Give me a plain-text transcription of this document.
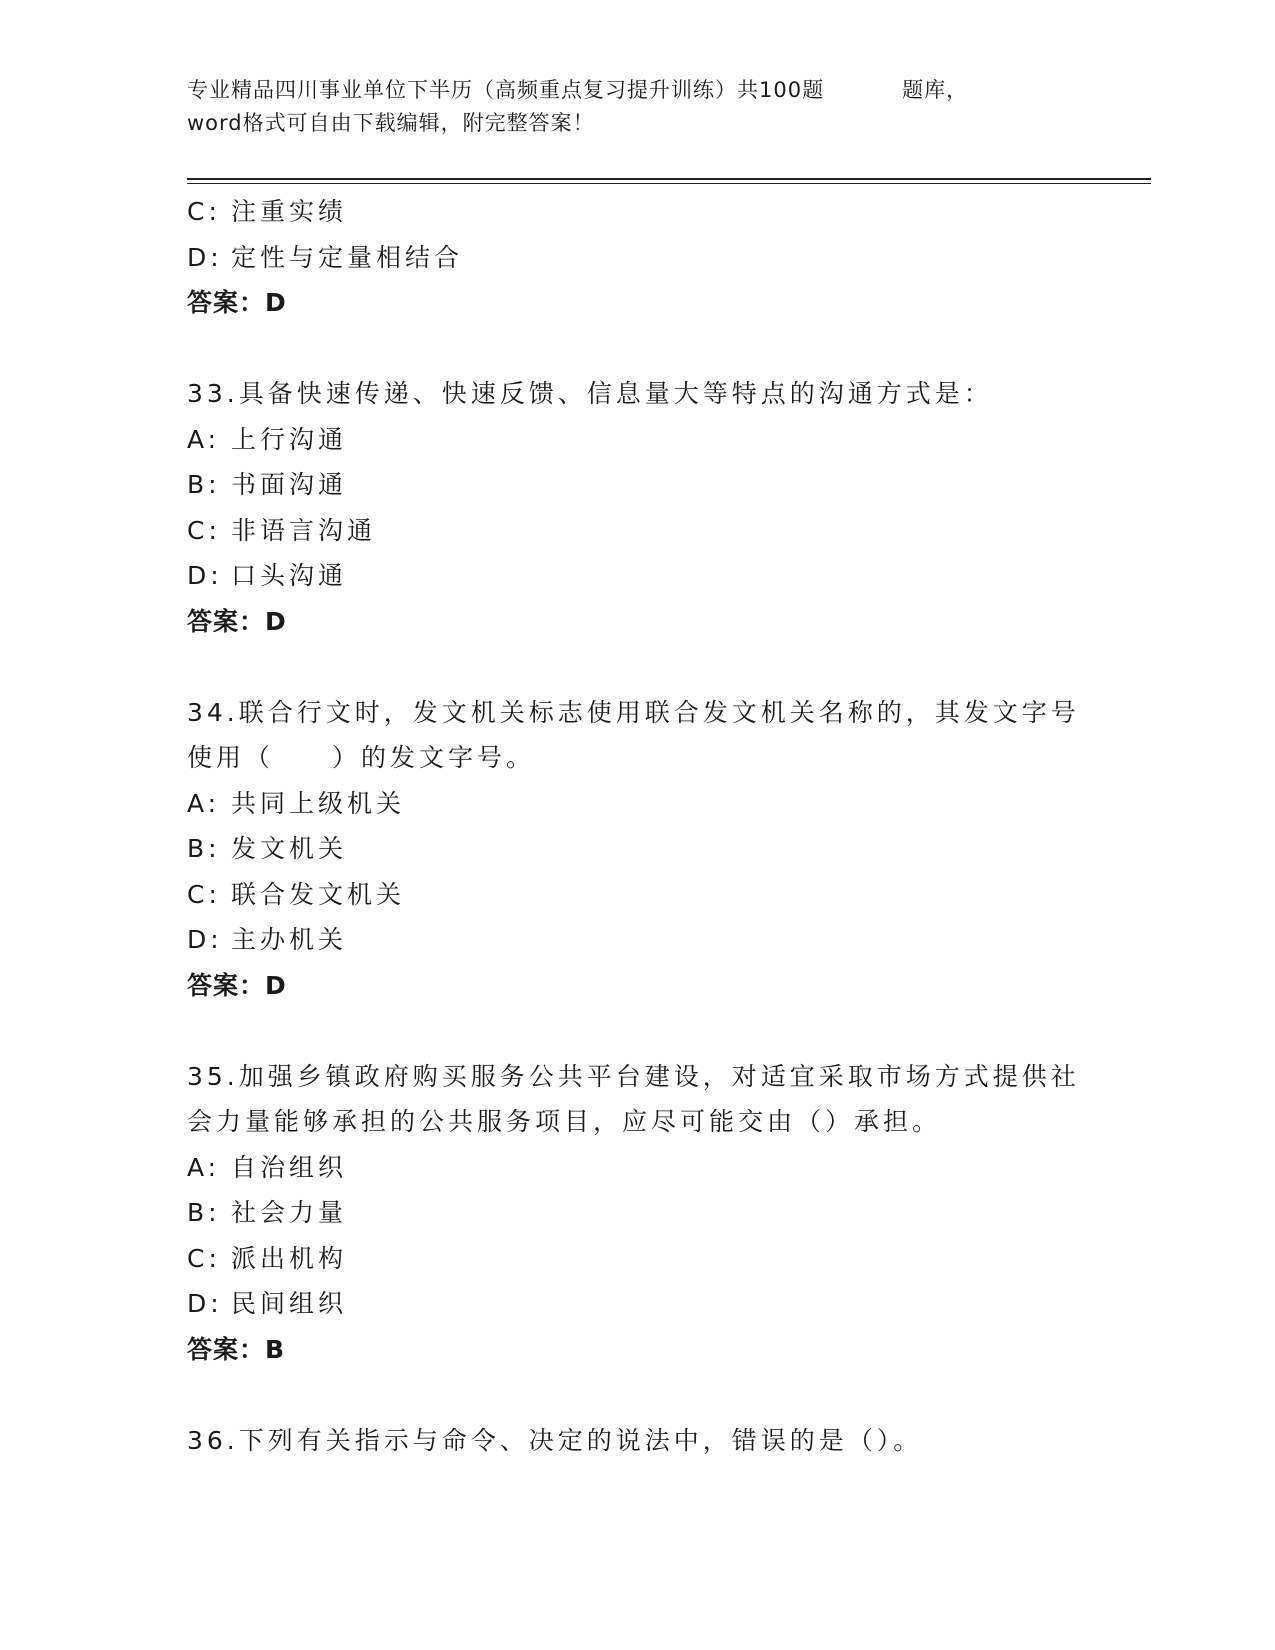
专业精品四川事业单位下半历（高频重点复习提升训练）共100题	题库，
word格式可自由下载编辑，附完整答案！
C: 注重实绩
D: 定性与定量相结合
答案：D
33.具备快速传递、快速反馈、信息量大等特点的沟通方式是：
A: 上行沟通
B: 书面沟通
C: 非语言沟通
D: 口头沟通
答案：D
34.联合行文时，发文机关标志使用联合发文机关名称的，其发文字号
使用（　　）的发文字号。
A: 共同上级机关
B: 发文机关
C: 联合发文机关
D: 主办机关
答案：D
35.加强乡镇政府购买服务公共平台建设，对适宜采取市场方式提供社
会力量能够承担的公共服务项目，应尽可能交由（）承担。
A: 自治组织
B: 社会力量
C: 派出机构
D: 民间组织
答案：B
36.下列有关指示与命令、决定的说法中，错误的是（）。
